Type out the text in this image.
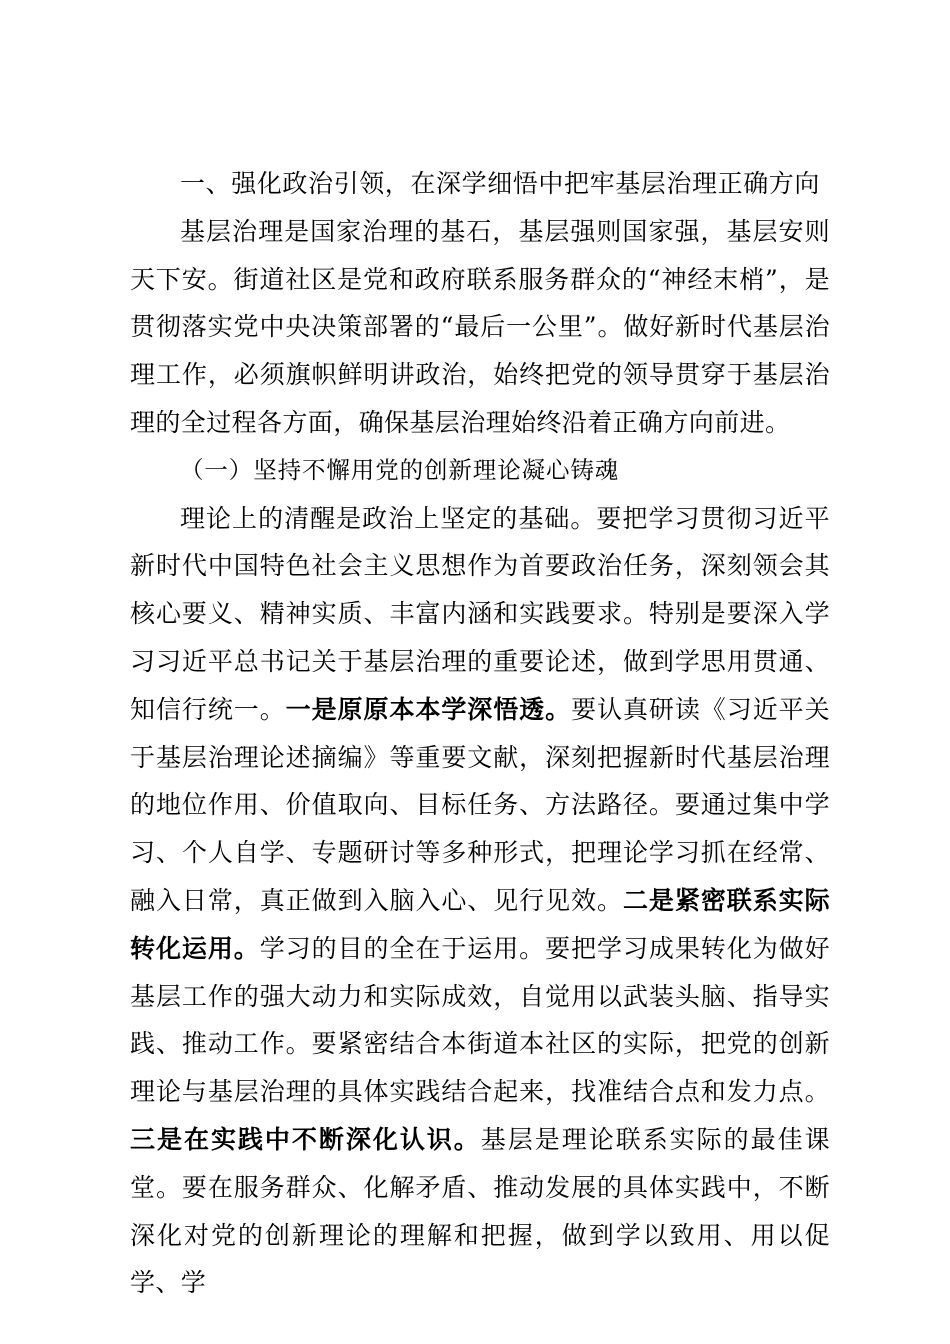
一、强化政治引领，在深学细悟中把牢基层治理正确方向

基层治理是国家治理的基石，基层强则国家强，基层安则天下安。街道社区是党和政府联系服务群众的“神经末梢”，是贯彻落实党中央决策部署的“最后一公里”。做好新时代基层治理工作，必须旗帜鲜明讲政治，始终把党的领导贯穿于基层治理的全过程各方面，确保基层治理始终沿着正确方向前进。

（一）坚持不懈用党的创新理论凝心铸魂

理论上的清醒是政治上坚定的基础。要把学习贯彻习近平新时代中国特色社会主义思想作为首要政治任务，深刻领会其核心要义、精神实质、丰富内涵和实践要求。特别是要深入学习习近平总书记关于基层治理的重要论述，做到学思用贯通、知信行统一。一是原原本本学深悟透。要认真研读《习近平关于基层治理论述摘编》等重要文献，深刻把握新时代基层治理的地位作用、价值取向、目标任务、方法路径。要通过集中学习、个人自学、专题研讨等多种形式，把理论学习抓在经常、融入日常，真正做到入脑入心、见行见效。二是紧密联系实际转化运用。学习的目的全在于运用。要把学习成果转化为做好基层工作的强大动力和实际成效，自觉用以武装头脑、指导实践、推动工作。要紧密结合本街道本社区的实际，把党的创新理论与基层治理的具体实践结合起来，找准结合点和发力点。三是在实践中不断深化认识。基层是理论联系实际的最佳课堂。要在服务群众、化解矛盾、推动发展的具体实践中，不断深化对党的创新理论的理解和把握，做到学以致用、用以促学、学
